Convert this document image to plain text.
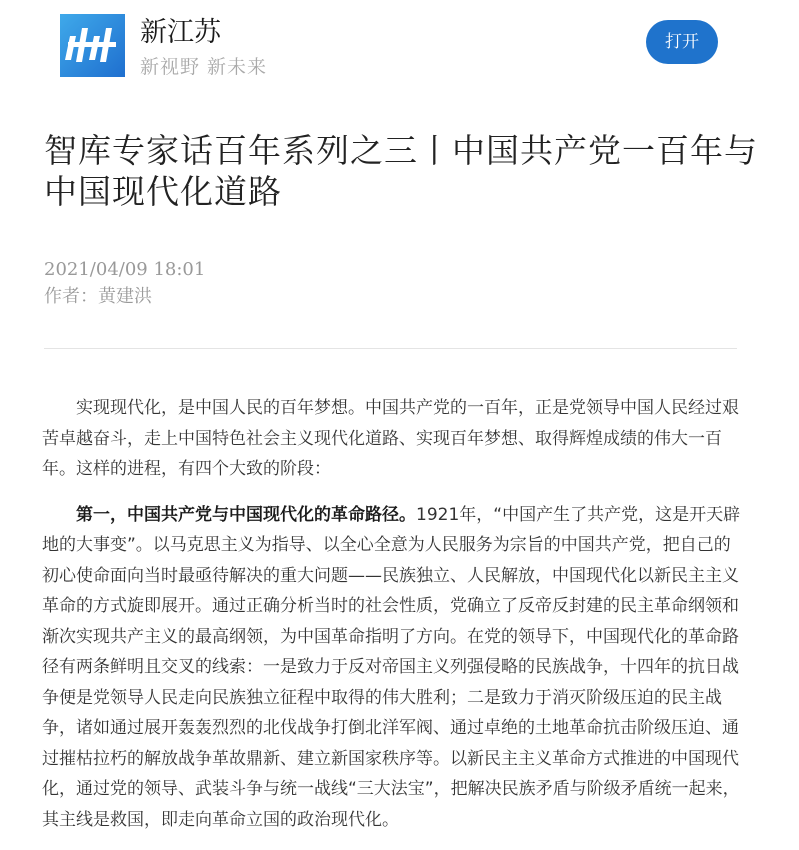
新江苏
新视野 新未来
打开
智库专家话百年系列之三丨中国共产党一百年与中国现代化道路
2021/04/09 18:01
作者：黄建洪

实现现代化，是中国人民的百年梦想。中国共产党的一百年，正是党领导中国人民经过艰苦卓越奋斗，走上中国特色社会主义现代化道路、实现百年梦想、取得辉煌成绩的伟大一百年。这样的进程，有四个大致的阶段：

第一，中国共产党与中国现代化的革命路径。1921年，“中国产生了共产党，这是开天辟地的大事变”。以马克思主义为指导、以全心全意为人民服务为宗旨的中国共产党，把自己的初心使命面向当时最亟待解决的重大问题——民族独立、人民解放，中国现代化以新民主主义革命的方式旋即展开。通过正确分析当时的社会性质，党确立了反帝反封建的民主革命纲领和渐次实现共产主义的最高纲领，为中国革命指明了方向。在党的领导下，中国现代化的革命路径有两条鲜明且交叉的线索：一是致力于反对帝国主义列强侵略的民族战争，十四年的抗日战争便是党领导人民走向民族独立征程中取得的伟大胜利；二是致力于消灭阶级压迫的民主战争，诸如通过展开轰轰烈烈的北伐战争打倒北洋军阀、通过卓绝的土地革命抗击阶级压迫、通过摧枯拉朽的解放战争革故鼎新、建立新国家秩序等。以新民主主义革命方式推进的中国现代化，通过党的领导、武装斗争与统一战线“三大法宝”，把解决民族矛盾与阶级矛盾统一起来，其主线是救国，即走向革命立国的政治现代化。
